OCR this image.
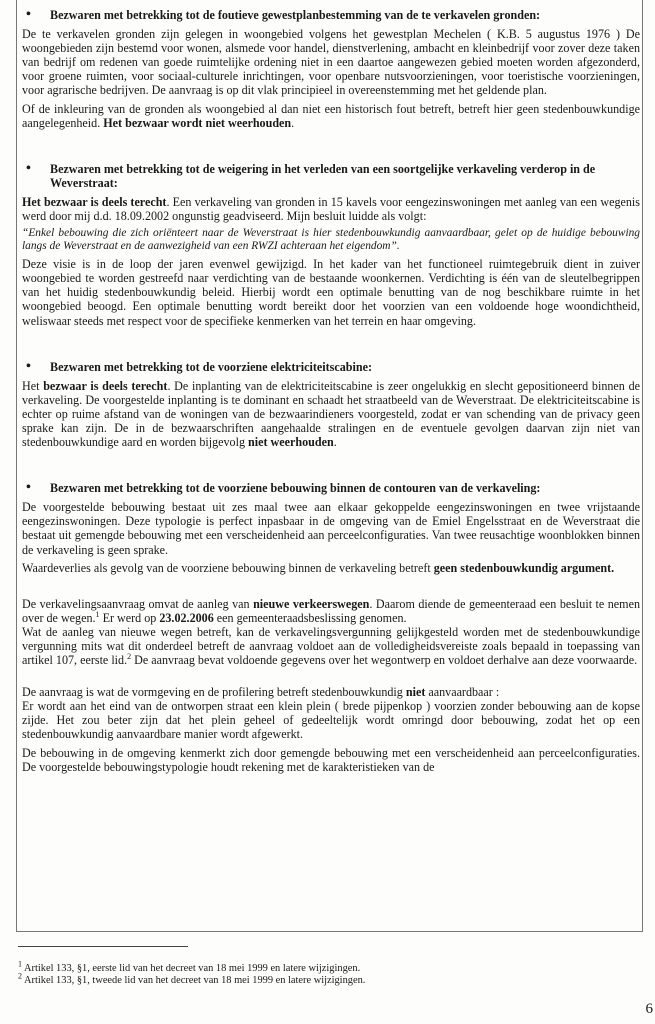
• Bezwaren met betrekking tot de foutieve gewestplanbestemming van de te verkavelen gronden:

De te verkavelen gronden zijn gelegen in woongebied volgens het gewestplan Mechelen ( K.B. 5 augustus 1976 ) De woongebieden zijn bestemd voor wonen, alsmede voor handel, dienstverlening, ambacht en kleinbedrijf voor zover deze taken van bedrijf om redenen van goede ruimtelijke ordening niet in een daartoe aangewezen gebied moeten worden afgezonderd, voor groene ruimten, voor sociaal-culturele inrichtingen, voor openbare nutsvoorzieningen, voor toeristische voorzieningen, voor agrarische bedrijven. De aanvraag is op dit vlak principieel in overeenstemming met het geldende plan.

Of de inkleuring van de gronden als woongebied al dan niet een historisch fout betreft, betreft hier geen stedenbouwkundige aangelegenheid. Het bezwaar wordt niet weerhouden.

• Bezwaren met betrekking tot de weigering in het verleden van een soortgelijke verkaveling verderop in de Weverstraat:

Het bezwaar is deels terecht. Een verkaveling van gronden in 15 kavels voor eengezinswoningen met aanleg van een wegenis werd door mij d.d. 18.09.2002 ongunstig geadviseerd. Mijn besluit luidde als volgt:

“Enkel bebouwing die zich oriënteert naar de Weverstraat is hier stedenbouwkundig aanvaardbaar, gelet op de huidige bebouwing langs de Weverstraat en de aanwezigheid van een RWZI achteraan het eigendom”.

Deze visie is in de loop der jaren evenwel gewijzigd. In het kader van het functioneel ruimtegebruik dient in zuiver woongebied te worden gestreefd naar verdichting van de bestaande woonkernen. Verdichting is één van de sleutelbegrippen van het huidig stedenbouwkundig beleid. Hierbij wordt een optimale benutting van de nog beschikbare ruimte in het woongebied beoogd. Een optimale benutting wordt bereikt door het voorzien van een voldoende hoge woondichtheid, weliswaar steeds met respect voor de specifieke kenmerken van het terrein en haar omgeving.

• Bezwaren met betrekking tot de voorziene elektriciteitscabine:

Het bezwaar is deels terecht. De inplanting van de elektriciteitscabine is zeer ongelukkig en slecht gepositioneerd binnen de verkaveling. De voorgestelde inplanting is te dominant en schaadt het straatbeeld van de Weverstraat. De elektriciteitscabine is echter op ruime afstand van de woningen van de bezwaarindieners voorgesteld, zodat er van schending van de privacy geen sprake kan zijn. De in de bezwaarschriften aangehaalde stralingen en de eventuele gevolgen daarvan zijn niet van stedenbouwkundige aard en worden bijgevolg niet weerhouden.

• Bezwaren met betrekking tot de voorziene bebouwing binnen de contouren van de verkaveling:

De voorgestelde bebouwing bestaat uit zes maal twee aan elkaar gekoppelde eengezinswoningen en twee vrijstaande eengezinswoningen. Deze typologie is perfect inpasbaar in de omgeving van de Emiel Engelsstraat en de Weverstraat die bestaat uit gemengde bebouwing met een verscheidenheid aan perceelconfiguraties. Van twee reusachtige woonblokken binnen de verkaveling is geen sprake.

Waardeverlies als gevolg van de voorziene bebouwing binnen de verkaveling betreft geen stedenbouwkundig argument.

De verkavelingsaanvraag omvat de aanleg van nieuwe verkeerswegen. Daarom diende de gemeenteraad een besluit te nemen over de wegen.$^1$ Er werd op 23.02.2006 een gemeenteraadsbeslissing genomen.

Wat de aanleg van nieuwe wegen betreft, kan de verkavelingsvergunning gelijkgesteld worden met de stedenbouwkundige vergunning mits wat dit onderdeel betreft de aanvraag voldoet aan de volledigheidsvereiste zoals bepaald in toepassing van artikel 107, eerste lid.$^2$ De aanvraag bevat voldoende gegevens over het wegontwerp en voldoet derhalve aan deze voorwaarde.

De aanvraag is wat de vormgeving en de profilering betreft stedenbouwkundig niet aanvaardbaar :

Er wordt aan het eind van de ontworpen straat een klein plein ( brede pijpenkop ) voorzien zonder bebouwing aan de kopse zijde. Het zou beter zijn dat het plein geheel of gedeeltelijk wordt omringd door bebouwing, zodat het op een stedenbouwkundig aanvaardbare manier wordt afgewerkt.

De bebouwing in de omgeving kenmerkt zich door gemengde bebouwing met een verscheidenheid aan perceelconfiguraties. De voorgestelde bebouwingstypologie houdt rekening met de karakteristieken van de

$^1$ Artikel 133, §1, eerste lid van het decreet van 18 mei 1999 en latere wijzigingen.
$^2$ Artikel 133, §1, tweede lid van het decreet van 18 mei 1999 en latere wijzigingen.
6
